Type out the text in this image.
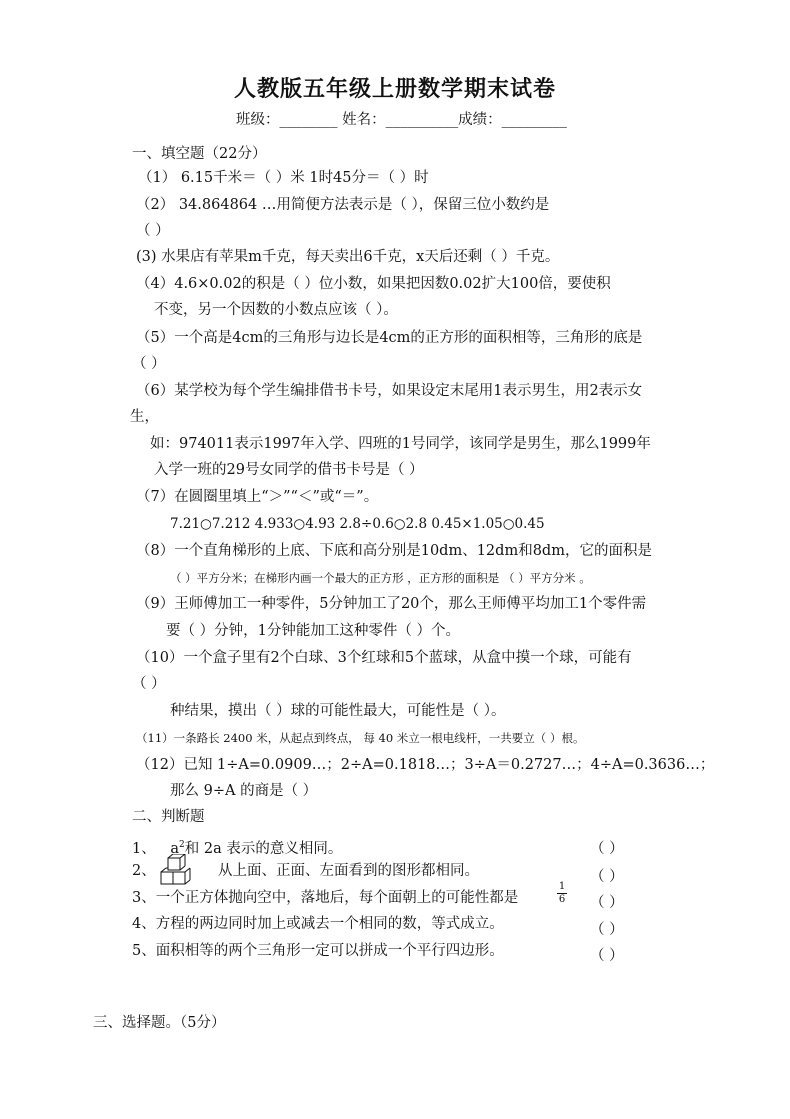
人教版五年级上册数学期末试卷
班级：________ 姓名：__________成绩：_________
一、填空题（22分）
（1） 6.15千米＝（ ）米 1时45分＝（ ）时
（2） 34.864864 …用简便方法表示是（ ），保留三位小数约是
（ ）
(3) 水果店有苹果m千克，每天卖出6千克，x天后还剩（ ）千克。
（4）4.6×0.02的积是（ ）位小数，如果把因数0.02扩大100倍，要使积
不变，另一个因数的小数点应该（ ）。
（5）一个高是4cm的三角形与边长是4cm的正方形的面积相等，三角形的底是
（ ）
（6）某学校为每个学生编排借书卡号，如果设定末尾用1表示男生，用2表示女
生，
如：974011表示1997年入学、四班的1号同学，该同学是男生，那么1999年
入学一班的29号女同学的借书卡号是（ ）
（7）在圆圈里填上“＞”“＜”或“＝”。
7.21○7.212 4.933○4.93 2.8÷0.6○2.8 0.45×1.05○0.45
（8）一个直角梯形的上底、下底和高分别是10dm、12dm和8dm，它的面积是
（ ）平方分米；在梯形内画一个最大的正方形 ，正方形的面积是 （ ）平方分米 。
（9）王师傅加工一种零件，5分钟加工了20个，那么王师傅平均加工1个零件需
要（ ）分钟，1分钟能加工这种零件（ ）个。
（10）一个盒子里有2个白球、3个红球和5个蓝球，从盒中摸一个球，可能有
（ ）
种结果，摸出（ ）球的可能性最大，可能性是（ ）。
（11）一条路长 2400 米，从起点到终点， 每 40 米立一根电线杆，一共要立（ ）根。
（12）已知 1÷A=0.0909…；2÷A=0.1818…；3÷A＝0.2727…；4÷A=0.3636…；
那么 9÷A 的商是（ ）
二、判断题
1、 $a^2$和 2a 表示的意义相同。	（ ）
2、	从上面、正面、左面看到的图形都相同。	（ ）
3、一个正方体抛向空中，落地后，每个面朝上的可能性都是
1
6 （ ）
4、方程的两边同时加上或减去一个相同的数，等式成立。	（ ）
5、面积相等的两个三角形一定可以拼成一个平行四边形。	（ ）
三、选择题。（5分）
